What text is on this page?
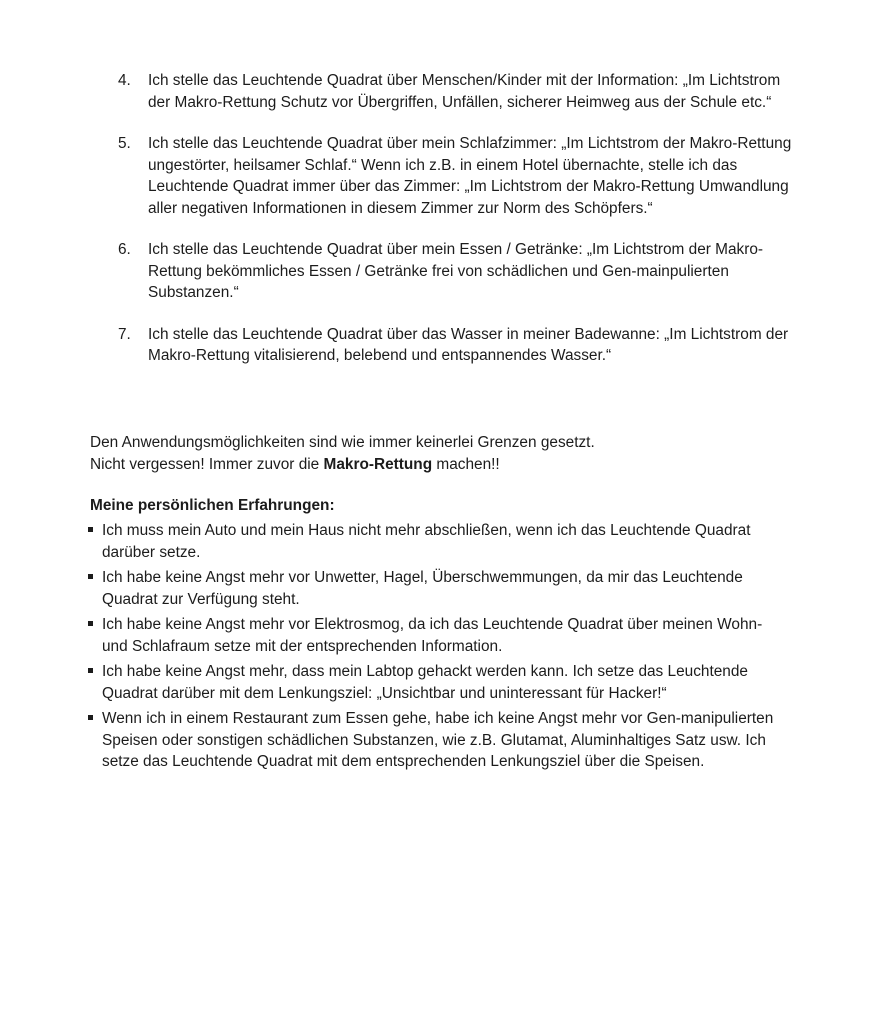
4. Ich stelle das Leuchtende Quadrat über Menschen/Kinder mit der Information: „Im Lichtstrom der Makro-Rettung Schutz vor Übergriffen, Unfällen, sicherer Heimweg aus der Schule etc.“
5. Ich stelle das Leuchtende Quadrat über mein Schlafzimmer: „Im Lichtstrom der Makro-Rettung ungestörter, heilsamer Schlaf.“ Wenn ich z.B. in einem Hotel übernachte, stelle ich das Leuchtende Quadrat immer über das Zimmer: „Im Lichtstrom der Makro-Rettung Umwandlung aller negativen Informationen in diesem Zimmer zur Norm des Schöpfers.“
6. Ich stelle das Leuchtende Quadrat über mein Essen / Getränke: „Im Lichtstrom der Makro-Rettung bekömmliches Essen / Getränke frei von schädlichen und Gen-mainpulierten Substanzen.“
7. Ich stelle das Leuchtende Quadrat über das Wasser in meiner Badewanne: „Im Lichtstrom der Makro-Rettung vitalisierend, belebend und entspannendes Wasser.“
Den Anwendungsmöglichkeiten sind wie immer keinerlei Grenzen gesetzt.
Nicht vergessen! Immer zuvor die Makro-Rettung machen!!
Meine persönlichen Erfahrungen:
Ich muss mein Auto und mein Haus nicht mehr abschließen, wenn ich das Leuchtende Quadrat darüber setze.
Ich habe keine Angst mehr vor Unwetter, Hagel, Überschwemmungen, da mir das Leuchtende Quadrat zur Verfügung steht.
Ich habe keine Angst mehr vor Elektrosmog, da ich das Leuchtende Quadrat über meinen Wohn- und Schlafraum setze mit der entsprechenden Information.
Ich habe keine Angst mehr, dass mein Labtop gehackt werden kann. Ich setze das Leuchtende Quadrat darüber mit dem Lenkungsziel: „Unsichtbar und uninteressant für Hacker!“
Wenn ich in einem Restaurant zum Essen gehe, habe ich keine Angst mehr vor Gen-manipulierten Speisen oder sonstigen schädlichen Substanzen, wie z.B. Glutamat, Aluminhaltiges Satz usw. Ich setze das Leuchtende Quadrat mit dem entsprechenden Lenkungsziel über die Speisen.
